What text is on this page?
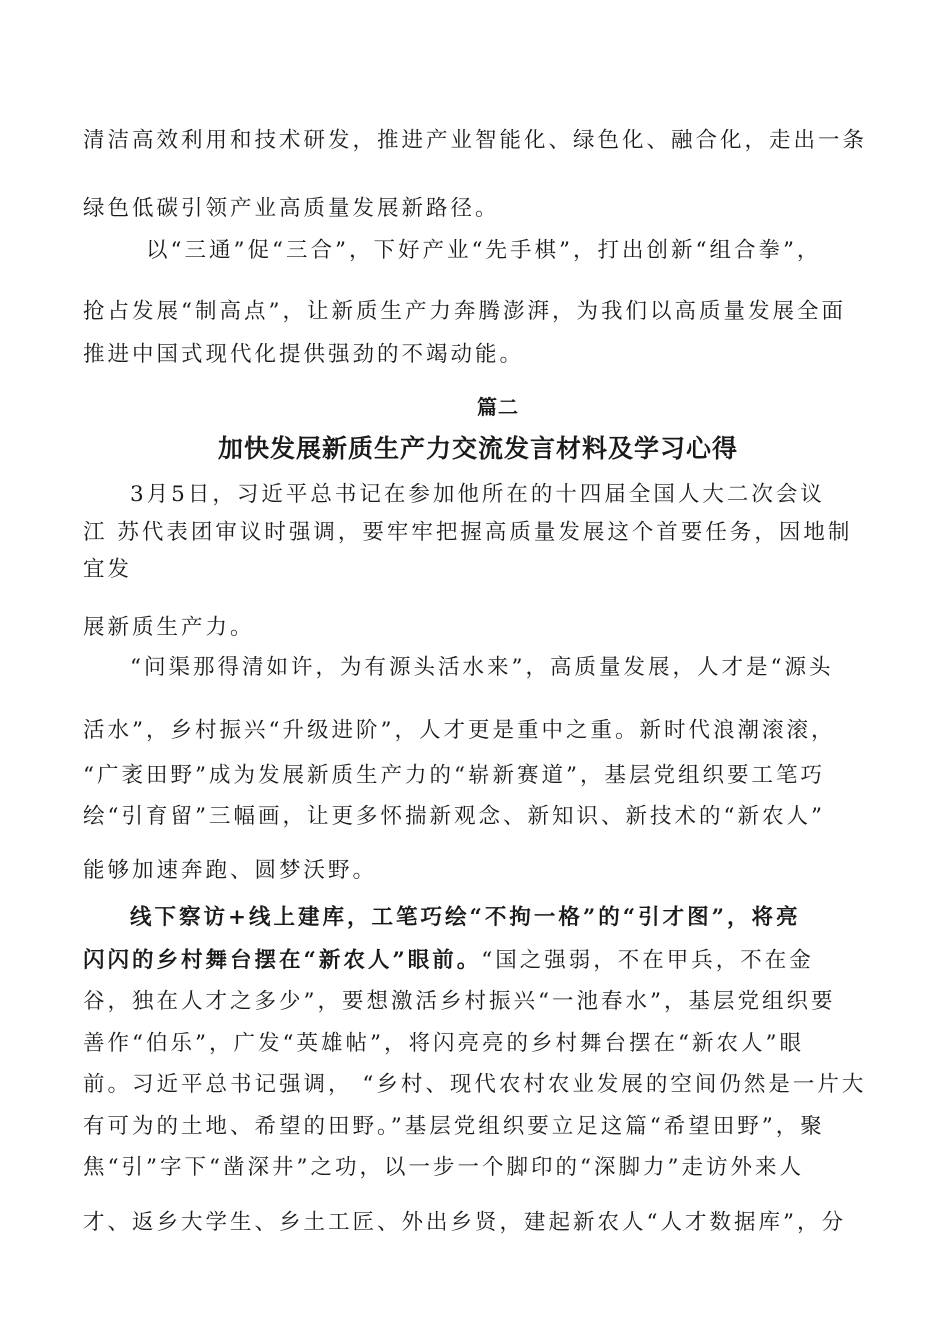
清洁高效利用和技术研发，推进产业智能化、绿色化、融合化，走出一条
绿色低碳引领产业高质量发展新路径。
以“三通”促“三合”，下好产业“先手棋”，打出创新“组合拳”，
抢占发展“制高点”，让新质生产力奔腾澎湃，为我们以高质量发展全面
推进中国式现代化提供强劲的不竭动能。
篇二
加快发展新质生产力交流发言材料及学习心得
3月5日，习近平总书记在参加他所在的十四届全国人大二次会议
江 苏代表团审议时强调，要牢牢把握高质量发展这个首要任务，因地制
宜发
展新质生产力。
“问渠那得清如许，为有源头活水来”，高质量发展，人才是“源头
活水”，乡村振兴“升级进阶”，人才更是重中之重。新时代浪潮滚滚，
“广袤田野”成为发展新质生产力的“崭新赛道”，基层党组织要工笔巧
绘“引育留”三幅画，让更多怀揣新观念、新知识、新技术的“新农人”
能够加速奔跑、圆梦沃野。
线下察访+线上建库，工笔巧绘“不拘一格”的“引才图”，将亮
闪闪的乡村舞台摆在“新农人”眼前。“国之强弱，不在甲兵，不在金
谷，独在人才之多少”，要想激活乡村振兴“一池春水”，基层党组织要
善作“伯乐”，广发“英雄帖”，将闪亮亮的乡村舞台摆在“新农人”眼
前。习近平总书记强调， “乡村、现代农村农业发展的空间仍然是一片大
有可为的土地、希望的田野。”基层党组织要立足这篇“希望田野”，聚
焦“引”字下“凿深井”之功，以一步一个脚印的“深脚力”走访外来人
才、返乡大学生、乡土工匠、外出乡贤，建起新农人“人才数据库”，分
